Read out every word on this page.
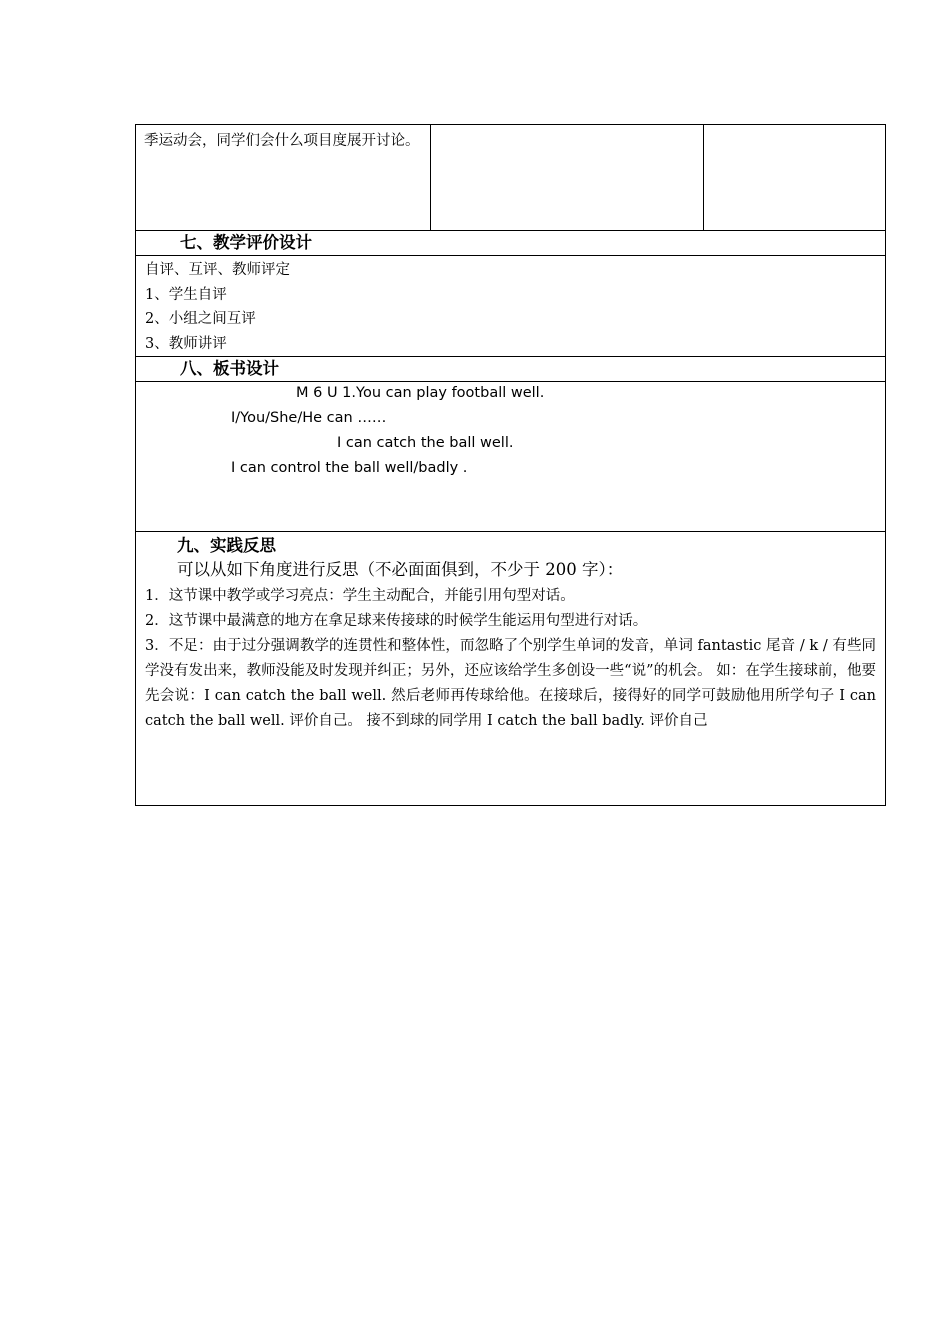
季运动会，同学们会什么项目度展开讨论。
七、教学评价设计
自评、互评、教师评定
1、学生自评
2、小组之间互评
3、教师讲评
八、板书设计
M 6 U 1.You can play football well.
I/You/She/He can ……
I can catch the ball well.
I can control the ball well/badly .
九、实践反思
可以从如下角度进行反思（不必面面俱到，不少于 200 字）：
1．这节课中教学或学习亮点：学生主动配合，并能引用句型对话。
2．这节课中最满意的地方在拿足球来传接球的时候学生能运用句型进行对话。
3．不足：由于过分强调教学的连贯性和整体性，而忽略了个别学生单词的发音，单词 fantastic 尾音 / k / 有些同学没有发出来，教师没能及时发现并纠正；另外，还应该给学生多创设一些“说”的机会。 如：在学生接球前，他要先会说：I can catch the ball well. 然后老师再传球给他。在接球后，接得好的同学可鼓励他用所学句子 I can catch the ball well. 评价自己。 接不到球的同学用 I catch the ball badly. 评价自己
